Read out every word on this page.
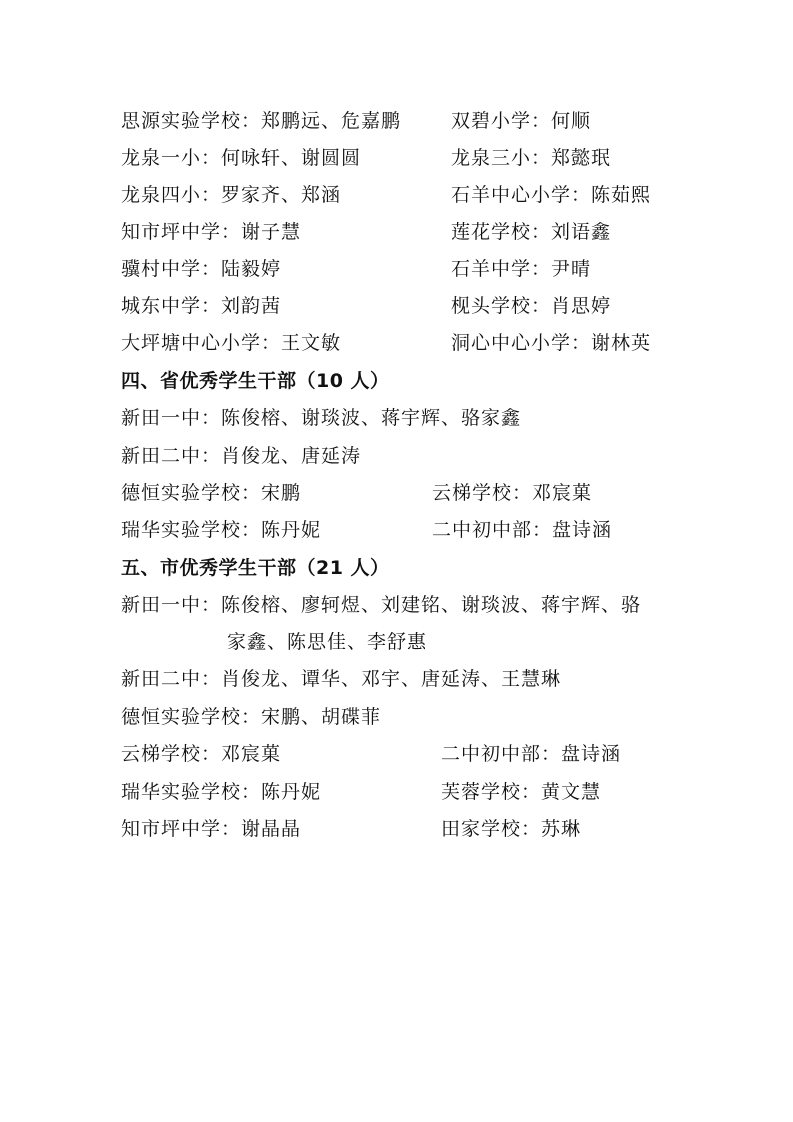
思源实验学校：郑鹏远、危嘉鹏	双碧小学：何顺
龙泉一小：何咏轩、谢圆圆	龙泉三小：郑懿珉
龙泉四小：罗家齐、郑涵	石羊中心小学：陈茹熙
知市坪中学：谢子慧	莲花学校：刘语鑫
骥村中学：陆毅婷	石羊中学：尹晴
城东中学：刘韵茜	枧头学校：肖思婷
大坪塘中心小学：王文敏	洞心中心小学：谢林英
四、省优秀学生干部（10 人）
新田一中：陈俊榕、谢琰波、蒋宇辉、骆家鑫
新田二中：肖俊龙、唐延涛
德恒实验学校：宋鹏	云梯学校：邓宸菓
瑞华实验学校：陈丹妮	二中初中部：盘诗涵
五、市优秀学生干部（21 人）
新田一中：陈俊榕、廖轲煜、刘建铭、谢琰波、蒋宇辉、骆
家鑫、陈思佳、李舒惠
新田二中：肖俊龙、谭华、邓宇、唐延涛、王慧琳
德恒实验学校：宋鹏、胡碟菲
云梯学校：邓宸菓	二中初中部：盘诗涵
瑞华实验学校：陈丹妮	芙蓉学校：黄文慧
知市坪中学：谢晶晶	田家学校：苏琳
